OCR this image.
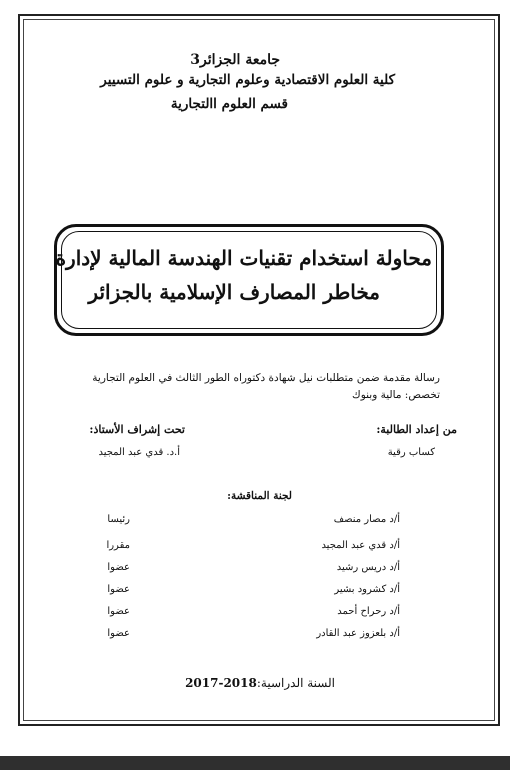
جامعة الجزائر3
كلية العلوم الاقتصادية وعلوم التجارية و علوم التسيير
قسم العلوم االتجارية
محاولة استخدام تقنيات الهندسة المالية لإدارة
مخاطر المصارف الإسلامية بالجزائر
رسالة مقدمة ضمن متطلبات نيل شهادة دكتوراه الطور الثالث في العلوم التجارية
تخصص: مالية وبنوك
من إعداد الطالبة:
كساب رقية
تحت إشراف الأستاذ:
أ.د. قدي عبد المجيد
لجنة المناقشة:
أ/د مصار منصف
رئيسا
أ/د قدي عبد المجيد
مقررا
أ/د دريس رشيد
عضوا
أ/د كشرود بشير
عضوا
أ/د رحراح أحمد
عضوا
أ/د بلعزوز عبد القادر
عضوا
السنة الدراسية:2017-2018
